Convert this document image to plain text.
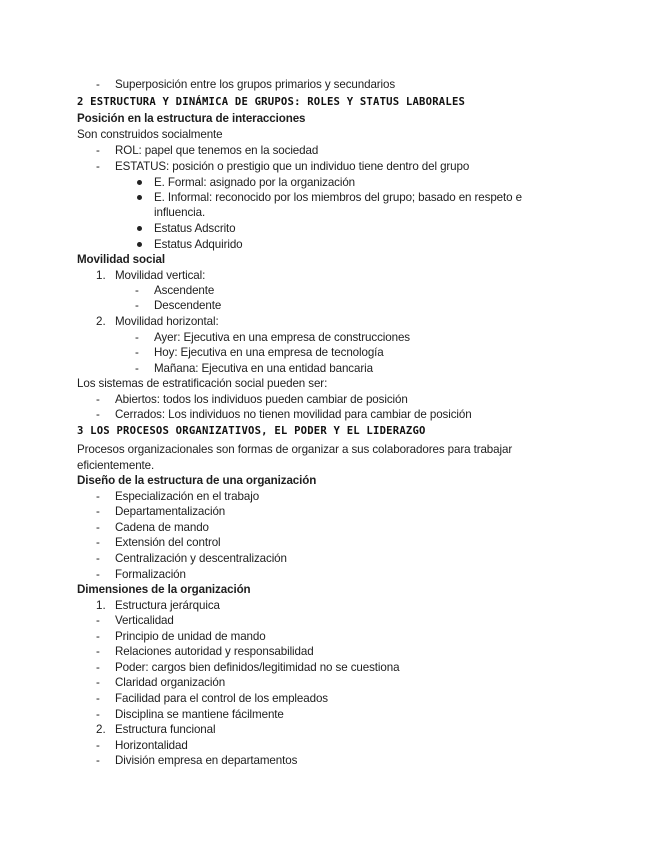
-
-
-
1.
-
-
2.
-
-
-
-
-
-
-
-
-
-
-
1.
-
-
-
-
-
-
-
2.
-
-
Superposición entre los grupos primarios y secundarios
2 ESTRUCTURA Y DINÁMICA DE GRUPOS: ROLES Y STATUS LABORALES
Posición en la estructura de interacciones
Son construidos socialmente
ROL: papel que tenemos en la sociedad
ESTATUS: posición o prestigio que un individuo tiene dentro del grupo
E. Formal: asignado por la organización
E. Informal: reconocido por los miembros del grupo; basado en respeto e
influencia.
Estatus Adscrito
Estatus Adquirido
Movilidad social
Movilidad vertical:
Ascendente
Descendente
Movilidad horizontal:
Ayer: Ejecutiva en una empresa de construcciones
Hoy: Ejecutiva en una empresa de tecnología
Mañana: Ejecutiva en una entidad bancaria
Los sistemas de estratificación social pueden ser:
Abiertos: todos los individuos pueden cambiar de posición
Cerrados: Los individuos no tienen movilidad para cambiar de posición
3 LOS PROCESOS ORGANIZATIVOS, EL PODER Y EL LIDERAZGO
Procesos organizacionales son formas de organizar a sus colaboradores para trabajar
eficientemente.
Diseño de la estructura de una organización
Especialización en el trabajo
Departamentalización
Cadena de mando
Extensión del control
Centralización y descentralización
Formalización
Dimensiones de la organización
Estructura jerárquica
Verticalidad
Principio de unidad de mando
Relaciones autoridad y responsabilidad
Poder: cargos bien definidos/legitimidad no se cuestiona
Claridad organización
Facilidad para el control de los empleados
Disciplina se mantiene fácilmente
Estructura funcional
Horizontalidad
División empresa en departamentos
